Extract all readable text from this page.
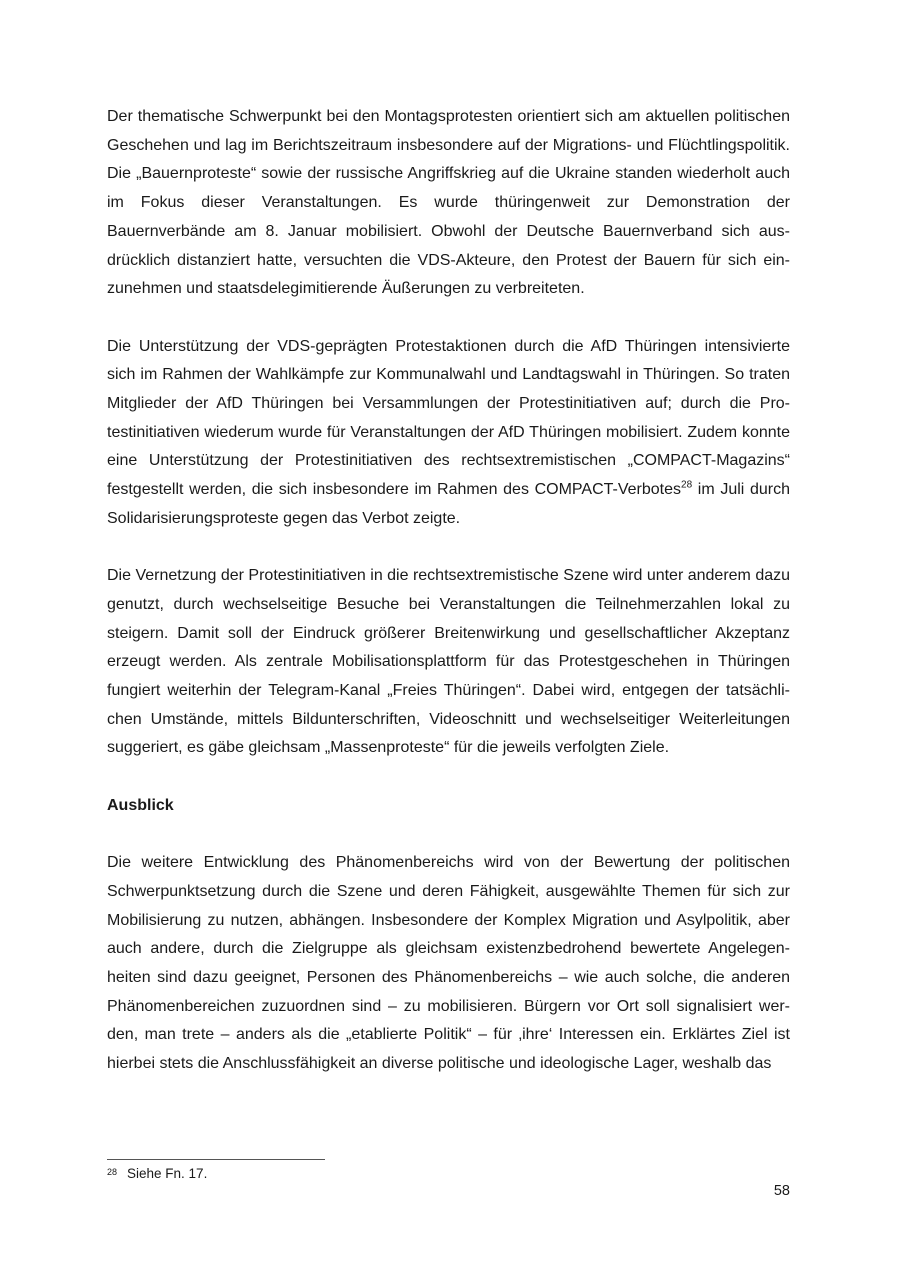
Der thematische Schwerpunkt bei den Montagsprotesten orientiert sich am aktuellen politischen Geschehen und lag im Berichtszeitraum insbesondere auf der Migrations- und Flüchtlingspolitik. Die „Bauernproteste“ sowie der russische Angriffskrieg auf die Ukraine standen wiederholt auch im Fokus dieser Veranstaltungen. Es wurde thüringenweit zur Demonstration der Bauernverbände am 8. Januar mobilisiert. Obwohl der Deutsche Bauernverband sich ausdrücklich distanziert hatte, versuchten die VDS-Akteure, den Protest der Bauern für sich einzunehmen und staatsdelegimitierende Äußerungen zu verbreiteten.

Die Unterstützung der VDS-geprägten Protestaktionen durch die AfD Thüringen intensivierte sich im Rahmen der Wahlkämpfe zur Kommunalwahl und Landtagswahl in Thüringen. So traten Mitglieder der AfD Thüringen bei Versammlungen der Protestinitiativen auf; durch die Protestinitiativen wiederum wurde für Veranstaltungen der AfD Thüringen mobilisiert. Zudem konnte eine Unterstützung der Protestinitiativen des rechtsextremistischen „COMPACT-Magazins“ festgestellt werden, die sich insbesondere im Rahmen des COMPACT-Verbotes$^{28}$ im Juli durch Solidarisierungsproteste gegen das Verbot zeigte.

Die Vernetzung der Protestinitiativen in die rechtsextremistische Szene wird unter anderem dazu genutzt, durch wechselseitige Besuche bei Veranstaltungen die Teilnehmerzahlen lokal zu steigern. Damit soll der Eindruck größerer Breitenwirkung und gesellschaftlicher Akzeptanz erzeugt werden. Als zentrale Mobilisationsplattform für das Protestgeschehen in Thüringen fungiert weiterhin der Telegram-Kanal „Freies Thüringen“. Dabei wird, entgegen der tatsächlichen Umstände, mittels Bildunterschriften, Videoschnitt und wechselseitiger Weiterleitungen suggeriert, es gäbe gleichsam „Massenproteste“ für die jeweils verfolgten Ziele.

Ausblick

Die weitere Entwicklung des Phänomenbereichs wird von der Bewertung der politischen Schwerpunktsetzung durch die Szene und deren Fähigkeit, ausgewählte Themen für sich zur Mobilisierung zu nutzen, abhängen. Insbesondere der Komplex Migration und Asylpolitik, aber auch andere, durch die Zielgruppe als gleichsam existenzbedrohend bewertete Angelegenheiten sind dazu geeignet, Personen des Phänomenbereichs – wie auch solche, die anderen Phänomenbereichen zuzuordnen sind – zu mobilisieren. Bürgern vor Ort soll signalisiert werden, man trete – anders als die „etablierte Politik“ – für ‚ihre‘ Interessen ein. Erklärtes Ziel ist hierbei stets die Anschlussfähigkeit an diverse politische und ideologische Lager, weshalb das

$^{28}$ Siehe Fn. 17.
58
